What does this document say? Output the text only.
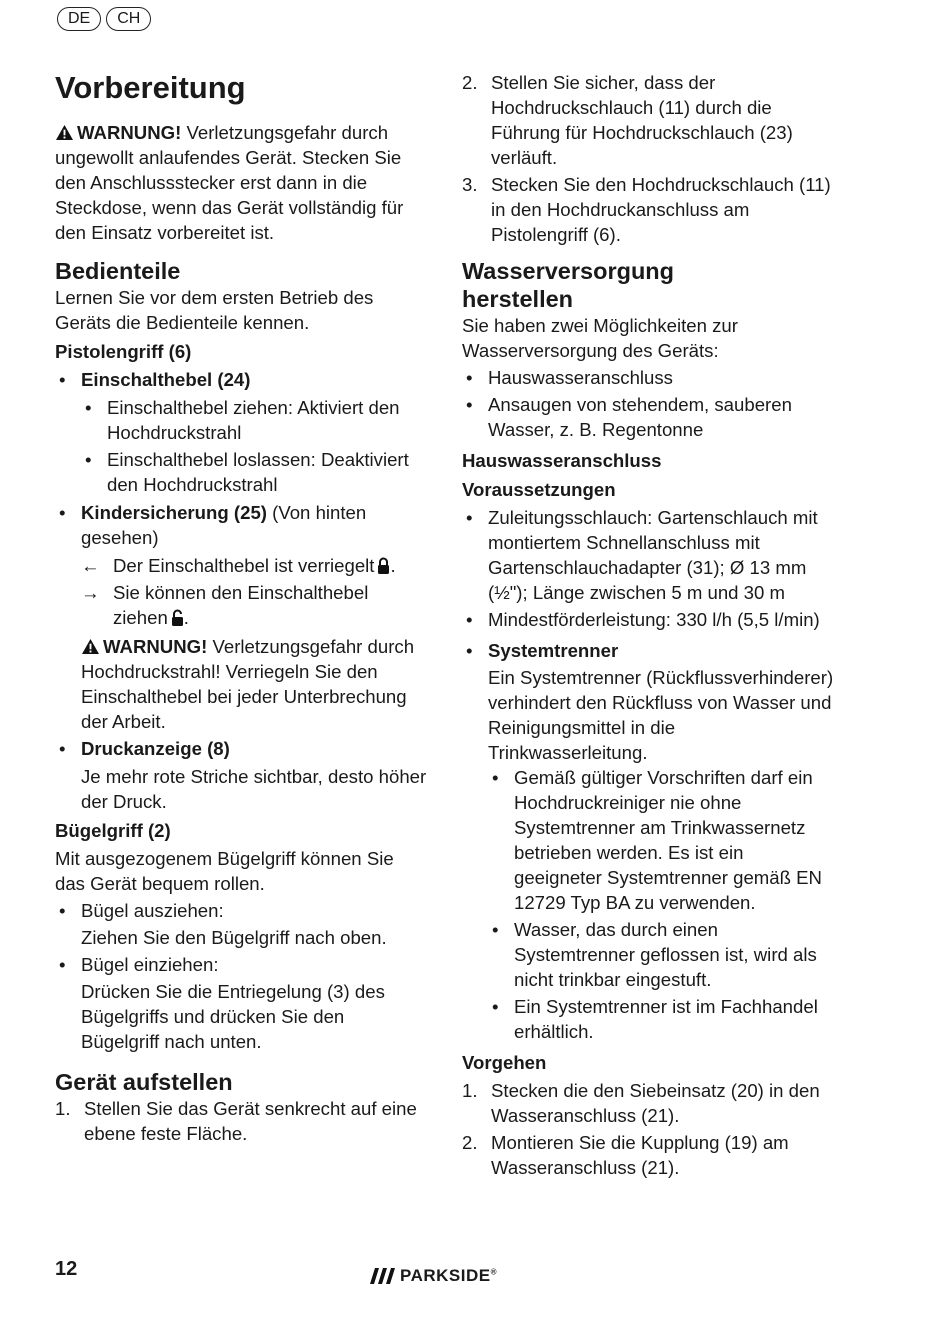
DE	CH
Vorbereitung

WARNUNG! Verletzungsgefahr durch ungewollt anlaufendes Gerät. Stecken Sie den Anschlussstecker erst dann in die Steckdose, wenn das Gerät vollständig für den Einsatz vorbereitet ist.

Bedienteile

Lernen Sie vor dem ersten Betrieb des Geräts die Bedienteile kennen.

Pistolengriff (6)
• Einschalthebel (24)
• Einschalthebel ziehen: Aktiviert den Hochdruckstrahl
• Einschalthebel loslassen: Deaktiviert den Hochdruckstrahl
• Kindersicherung (25) (Von hinten gesehen)
← Der Einschalthebel ist verriegelt .
→ Sie können den Einschalthebel ziehen .

WARNUNG! Verletzungsgefahr durch Hochdruckstrahl! Verriegeln Sie den Einschalthebel bei jeder Unterbrechung der Arbeit.

• Druckanzeige (8)
Je mehr rote Striche sichtbar, desto höher der Druck.
Bügelgriff (2)

Mit ausgezogenem Bügelgriff können Sie das Gerät bequem rollen.

• Bügel ausziehen:
Ziehen Sie den Bügelgriff nach oben.
• Bügel einziehen:
Drücken Sie die Entriegelung (3) des Bügelgriffs und drücken Sie den Bügelgriff nach unten.
Gerät aufstellen
1. Stellen Sie das Gerät senkrecht auf eine ebene feste Fläche.
2. Stellen Sie sicher, dass der Hochdruckschlauch (11) durch die Führung für Hochdruckschlauch (23) verläuft.
3. Stecken Sie den Hochdruckschlauch (11) in den Hochdruckanschluss am Pistolengriff (6).
Wasserversorgung
herstellen

Sie haben zwei Möglichkeiten zur Wasserversorgung des Geräts:

• Hauswasseranschluss
• Ansaugen von stehendem, sauberen Wasser, z. B. Regentonne
Hauswasseranschluss
Voraussetzungen
• Zuleitungsschlauch: Gartenschlauch mit montiertem Schnellanschluss mit Gartenschlauchadapter (31); Ø 13 mm (½"); Länge zwischen 5 m und 30 m
• Mindestförderleistung: 330 l/h (5,5 l/min)
• Systemtrenner
Ein Systemtrenner (Rückflussverhinderer) verhindert den Rückfluss von Wasser und Reinigungsmittel in die Trinkwasserleitung.
• Gemäß gültiger Vorschriften darf ein Hochdruckreiniger nie ohne Systemtrenner am Trinkwassernetz betrieben werden. Es ist ein geeigneter Systemtrenner gemäß EN 12729 Typ BA zu verwenden.
• Wasser, das durch einen Systemtrenner geflossen ist, wird als nicht trinkbar eingestuft.
• Ein Systemtrenner ist im Fachhandel erhältlich.
Vorgehen
1. Stecken die den Siebeinsatz (20) in den Wasseranschluss (21).
2. Montieren Sie die Kupplung (19) am Wasseranschluss (21).
12	PARKSIDE®
